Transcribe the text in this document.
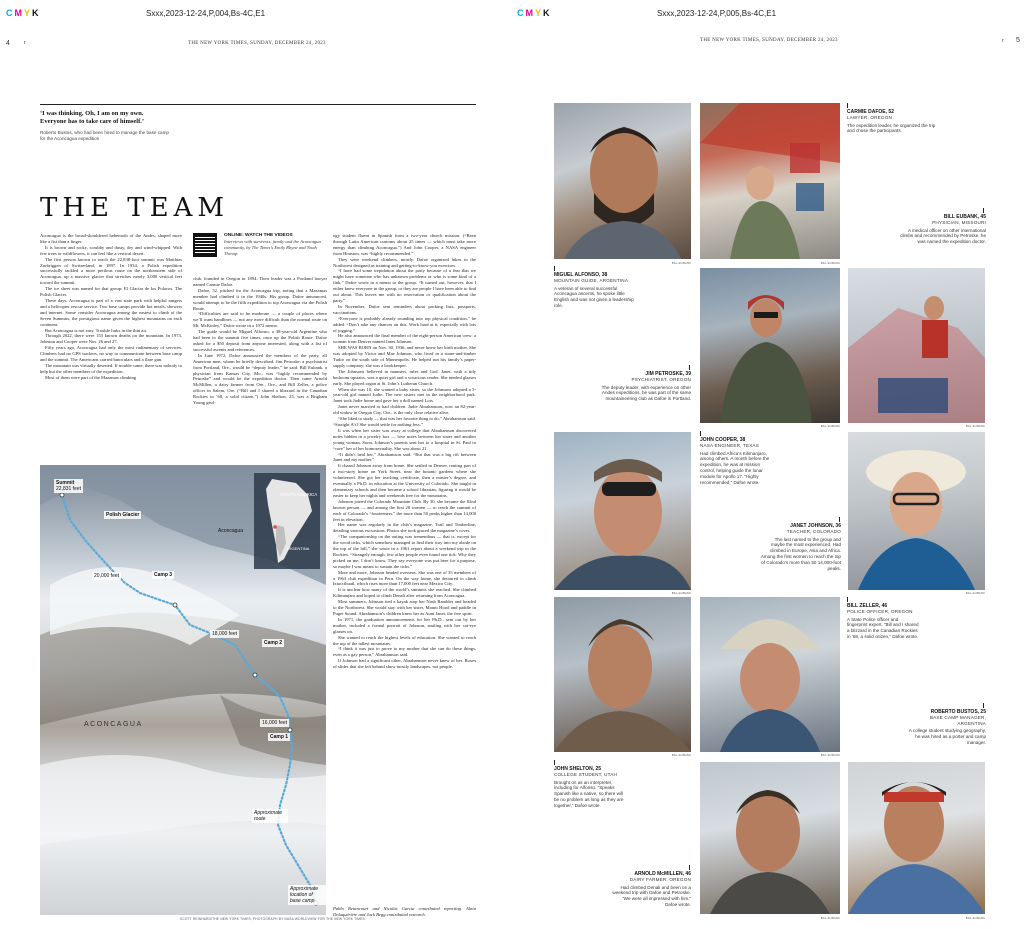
CMYK	Sxxx,2023-12-24,P,004,Bs-4C,E1
4	r	THE NEW YORK TIMES, SUNDAY, DECEMBER 24, 2023
‘I was thinking, Oh, I am on my own.
Everyone has to take care of himself.’
Roberto Bustos, who had been hired to manage the base camp for the Aconcagua expedition
THE TEAM

Aconcagua is the broad-shouldered behemoth of the Andes, shaped more like a fist than a finger.

It is brown and rocky, scrubby and dusty, dry and wind-whipped. With few trees or wildflowers, it can feel like a vertical desert.

The first person known to reach the 22,838-foot summit was Matthias Zurbriggen of Switzerland, in 1897. In 1934, a Polish expedition successfully tackled a more perilous route on the northeastern side of Aconcagua, up a massive glacier that stretches nearly 3,000 vertical feet toward the summit.

The ice sheet was named for that group: El Glaciar de los Polacos. The Polish Glacier.

These days, Aconcagua is part of a vast state park with helpful rangers and a helicopter rescue service. Two base camps provide hot meals, showers and internet. Some consider Aconcagua among the easiest to climb of the Seven Summits, the prestigious name given the highest mountains on each continent.

But Aconcagua is not easy. Trouble lurks in the thin air.

Through 2022, there were 153 known deaths on the mountain. In 1973, Johnson and Cooper were Nos. 26 and 27.

Fifty years ago, Aconcagua had only the most rudimentary of services. Climbers had no GPS trackers, no way to communicate between base camp and the summit. The Americans carried binoculars and a flare gun.

The mountain was virtually deserted. If trouble came, there was nobody to help but the other members of the expedition.

Most of them were part of the Mazamas climbing

ONLINE: WATCH THE VIDEOS
Interviews with survivors, family and the Aconcagua community, by The Times’s Emily Rhyne and Noah Throop.

club, founded in Oregon in 1894. Their leader was a Portland lawyer named Carmie Dafoe.

Dafoe, 52, pitched for the Aconcagua trip, noting that a Mazamas member had climbed it in the 1940s. His group, Dafoe announced, would attempt to be the fifth expedition to top Aconcagua via the Polish Route.

“Difficulties are said to be moderate — a couple of places where we’ll want handlines — not any more difficult than the normal route on Mt. McKinley,” Dafoe wrote in a 1972 memo.

The guide would be Miguel Alfonso, a 38-year-old Argentine who had been to the summit five times, once up the Polish Route. Dafoe asked for a $50 deposit from anyone interested, along with a list of successful ascents and references.

In June 1972, Dafoe announced the members of the party, all American men, whom he briefly described. Jim Petroske, a psychiatrist from Portland, Ore., would be “deputy leader,” he said. Bill Eubank, a physician from Kansas City, Mo., was “highly recommended by Petroske” and would be the expedition doctor. Then came Arnold McMillen, a dairy farmer from Ore., Ore., and Bill Zeller, a police officer in Salem, Ore. (“Bill and I shared a blizzard in the Canadian Rockies in ’68, a solid citizen.”) John Shelton, 25, was a Brigham Young geol-

ogy student fluent in Spanish from a two-year church mission. (“Been through Latin American customs about 25 times — which must take more energy than climbing Aconcagua.”) And John Cooper, a NASA engineer from Houston, was “highly recommended.”

They were weekend climbers, mostly. Dafoe organized hikes in the Northwest designed as training and getting-to-know-you exercises.

“I have had some trepidation about the party because of a fear that we might have someone who has unknown problems or who is some kind of a fink,” Dafoe wrote in a memo to the group. “It turned out, however, that I either knew everyone in the group, or they are people I have been able to find out about. This leaves me with no reservation or qualification about the party.”

In November, Dafoe sent reminders about packing lists, passports, vaccinations.

“Everyone is probably already rounding into top physical condition,” he added. “Don’t take any chances on this. Work hard at it; especially with lots of jogging.”

He also announced the final member of the eight-person American crew: a woman from Denver named Janet Johnson.

SHE WAS BORN on Nov. 30, 1936, and never knew her birth mother. She was adopted by Victor and Mae Johnson, who lived in a stone-and-timber Tudor on the south side of Minneapolis. He helped run his family’s paper-supply company; she was a bookkeeper.

The Johnsons believed in manners, rules and God. Janet, with a tidy bedroom upstairs, was a quiet girl and a voracious reader. She needed glasses early. She played organ at St. John’s Lutheran Church.

When she was 10, she wanted a baby sister, so the Johnsons adopted a 5-year-old girl named Judie. The new sisters met in the neighborhood park. Janet took Judie home and gave her a doll named Lois.

Janet never married or had children. Judie Abrahamson, now an 82-year-old widow in Oregon City, Ore., is the only close relative alive.

“She liked to study — that was her favorite thing to do,” Abrahamson said. “Straight A’s? She would settle for nothing less.”

It was when her sister was away at college that Abrahamson discovered notes hidden in a jewelry box — love notes between her sister and another young woman. Soon, Johnson’s parents sent her to a hospital in St. Paul to “cure” her of her homosexuality. She was about 21.

“It didn’t heal her,” Abrahamson said. “But that was a big rift between Janet and my mother.”

It chased Johnson away from home. She settled in Denver, renting part of a two-story home on York Street, near the botanic gardens where she volunteered. She got her teaching certificate, then a master’s degree, and eventually a Ph.D. in education at the University of Colorado. She taught in elementary schools and then became a school librarian, figuring it would be easier to keep her nights and weekends free for the mountains.

Johnson joined the Colorado Mountain Club. By 30, she became the 82nd known person — and among the first 20 women — to reach the summit of each of Colorado’s “fourteeners,” the more than 50 peaks higher than 14,000 feet in elevation.

Her name was regularly in the club’s magazine, Trail and Timberline, detailing various excursions. Photos she took graced the magazine’s cover.

“The companionship on the outing was tremendous — that is, except for the wood ticks, which somehow managed to find their way into my abode on the top of the hill,” she wrote in a 1961 report about a weekend trip in the Rockies. “Strangely enough, few other people even found one tick. Why they picked on me, I don’t know. They say everyone was put here for a purpose, so maybe I was meant to sustain the ticks.”

More and more, Johnson headed overseas. She was one of 35 members of a 1963 club expedition in Peru. On the way home, she detoured to climb Iztaccíhuatl, which rises more than 17,000 feet near Mexico City.

It is unclear how many of the world’s summits she reached. She climbed Kilimanjaro and hoped to climb Denali after returning from Aconcagua.

Most summers, Johnson tied a kayak atop her Nash Rambler and headed to the Northwest. She would stay with her sister, Mount Hood and paddle in Puget Sound. Abrahamson’s children knew her as Aunt Janet, the free spirit.

In 1971, the graduation announcements for her Ph.D., sent out by her mother, included a formal portrait of Johnson, smiling with her cat-eye glasses on.

She wanted to reach the highest levels of education. She wanted to reach the top of the tallest mountains.

“I think it was just to prove to my mother that she can do these things, even as a gay person,” Abrahamson said.

If Johnson had a significant other, Abrahamson never knew of her. Boxes of slides that she left behind show mostly landscapes, not people.

Pablo Betancourt and Nicolás Garcia contributed reporting. Alain Delaquérière and Jack Begg contributed research.
Summit
22,831 feet
Polish Glacier
Aconcagua
SOUTH AMERICA
ARGENTINA
Camp 3
20,000 feet
Camp 2
18,000 feet
ACONCAGUA	16,000 feet
Camp 1
Approximate route
Approximate location of base camp
SCOTT REINHARD/THE NEW YORK TIMES; PHOTOGRAPH BY NASA WORLDVIEW FOR THE NEW YORK TIMES
CMYK	Sxxx,2023-12-24,P,005,Bs-4C,E1
THE NEW YORK TIMES, SUNDAY, DECEMBER 24, 2023	r 5
BILL EUBANK	BILL EUBANK
CARMIE DAFOE, 52
LAWYER, OREGON
The expedition leader, he organized the trip and chose the participants.
BILL EUBANK, 45
PHYSICIAN, MISSOURI
A medical officer on other international climbs and recommended by Petroske, he was named the expedition doctor.
MIGUEL ALFONSO, 38
MOUNTAIN GUIDE, ARGENTINA
A veteran of several successful Aconcagua ascents, he spoke little English and was not given a leadership role.
JIM PETROSKE, 39
PSYCHIATRIST, OREGON
The deputy leader, with experience on other Andes expeditions, he was part of the same mountaineering club as Dafoe in Portland.
BILL EUBANK	BILL EUBANK
JOHN COOPER, 38
NASA ENGINEER, TEXAS
Had climbed Africa’s Kilimanjaro, among others. A month before the expedition, he was at mission control, helping guide the lunar module for Apollo 17. “Highly recommended,” Dafoe wrote.
BILL EUBANK	BILL EUBANK
JANET JOHNSON, 36
TEACHER, COLORADO
The last named to the group and maybe the most experienced. Had climbed in Europe, Asia and Africa. Among the first women to reach the top of Colorado’s more than 50 14,000-foot peaks.
BILL EUBANK	BILL EUBANK
BILL ZELLER, 46
POLICE OFFICER, OREGON
A State Police officer and fingerprint expert. “Bill and I shared a blizzard in the Canadian Rockies in ’68, a solid citizen,” Dafoe wrote.
ROBERTO BUSTOS, 25
BASE CAMP MANAGER, ARGENTINA
A college student studying geography, he was hired as a porter and camp manager.
JOHN SHELTON, 25
COLLEGE STUDENT, UTAH
Brought on as an interpreter, including for Alfonso. “Speaks Spanish like a native, so there will be no problem as long as they are together,” Dafoe wrote.
ARNOLD McMILLEN, 46
DAIRY FARMER, OREGON
Had climbed Denali and been on a weekend trip with Dafoe and Petroske. “We were all impressed with him,” Dafoe wrote.
BILL EUBANK	BILL EUBANK
